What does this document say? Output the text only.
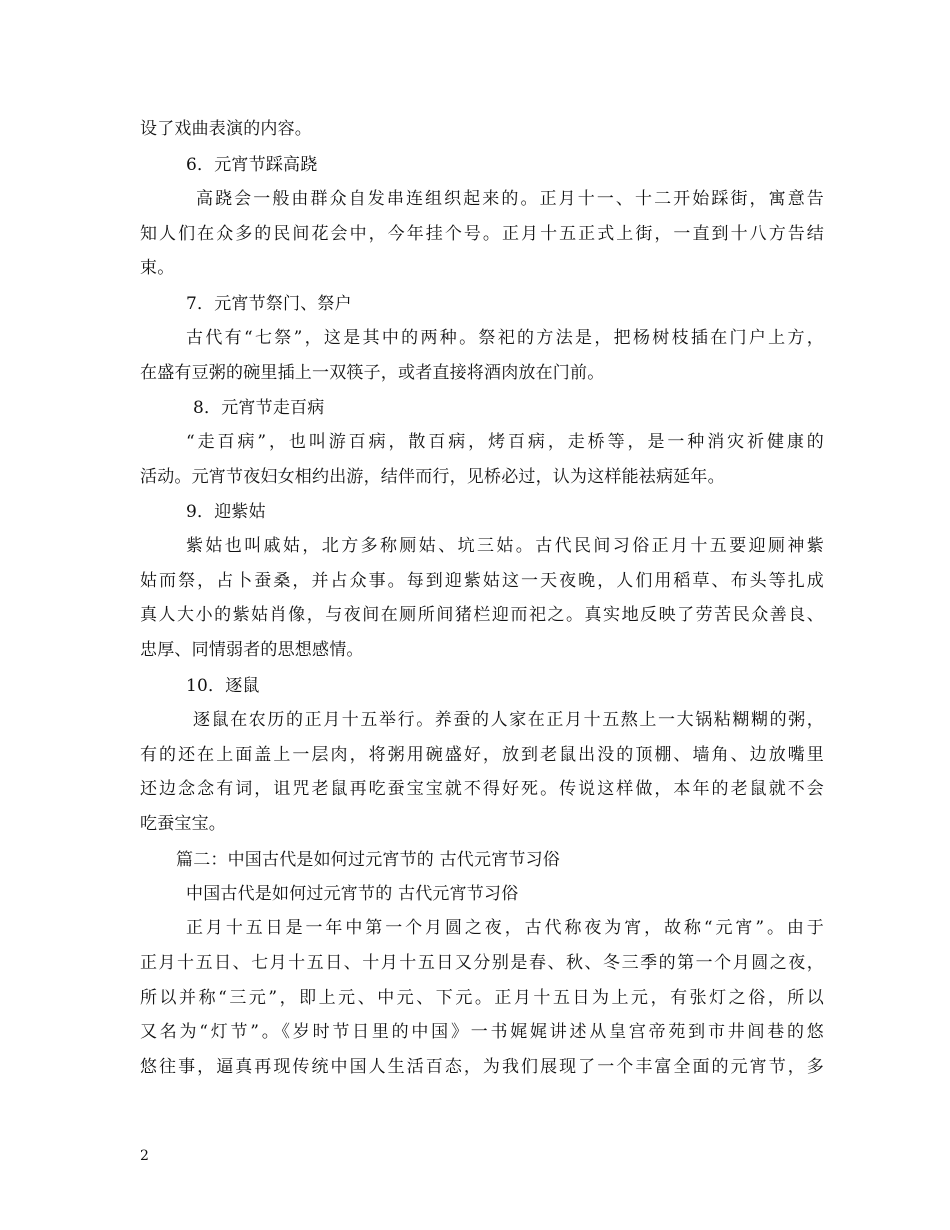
设了戏曲表演的内容。
6．元宵节踩高跷
高跷会一般由群众自发串连组织起来的。正月十一、十二开始踩街，寓意告
知人们在众多的民间花会中，今年挂个号。正月十五正式上街，一直到十八方告结
束。
7．元宵节祭门、祭户
古代有“七祭”，这是其中的两种。祭祀的方法是，把杨树枝插在门户上方，
在盛有豆粥的碗里插上一双筷子，或者直接将酒肉放在门前。
8．元宵节走百病
“走百病”，也叫游百病，散百病，烤百病，走桥等，是一种消灾祈健康的
活动。元宵节夜妇女相约出游，结伴而行，见桥必过，认为这样能祛病延年。
9．迎紫姑
紫姑也叫戚姑，北方多称厕姑、坑三姑。古代民间习俗正月十五要迎厕神紫
姑而祭，占卜蚕桑，并占众事。每到迎紫姑这一天夜晚，人们用稻草、布头等扎成
真人大小的紫姑肖像，与夜间在厕所间猪栏迎而祀之。真实地反映了劳苦民众善良、
忠厚、同情弱者的思想感情。
10．逐鼠
逐鼠在农历的正月十五举行。养蚕的人家在正月十五熬上一大锅粘糊糊的粥，
有的还在上面盖上一层肉，将粥用碗盛好，放到老鼠出没的顶棚、墙角、边放嘴里
还边念念有词，诅咒老鼠再吃蚕宝宝就不得好死。传说这样做，本年的老鼠就不会
吃蚕宝宝。
篇二：中国古代是如何过元宵节的 古代元宵节习俗
中国古代是如何过元宵节的 古代元宵节习俗
正月十五日是一年中第一个月圆之夜，古代称夜为宵，故称“元宵”。由于
正月十五日、七月十五日、十月十五日又分别是春、秋、冬三季的第一个月圆之夜，
所以并称“三元”，即上元、中元、下元。正月十五日为上元，有张灯之俗，所以
又名为“灯节”。《岁时节日里的中国》一书娓娓讲述从皇宫帝苑到市井闾巷的悠
悠往事，逼真再现传统中国人生活百态，为我们展现了一个丰富全面的元宵节，多
2
